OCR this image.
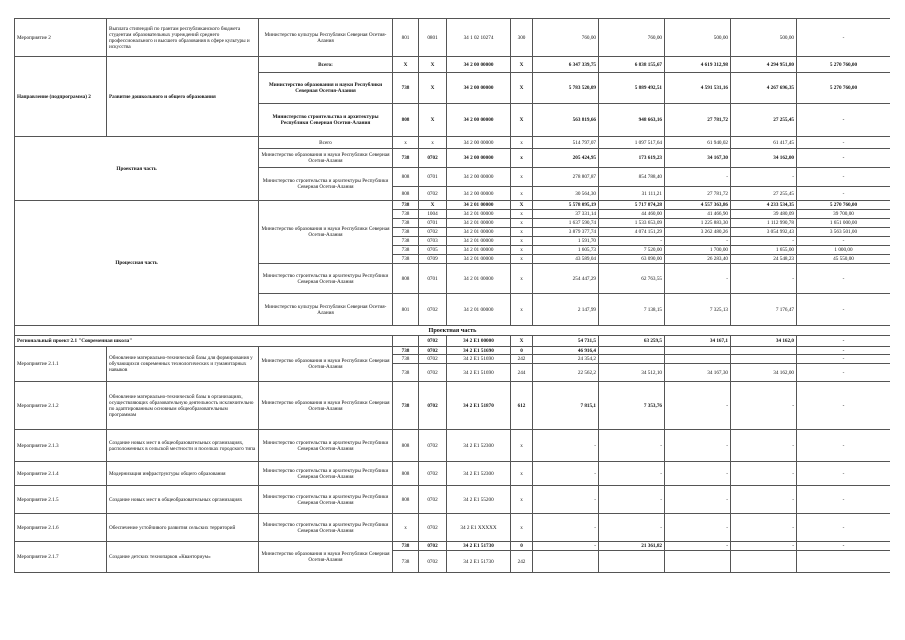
Мероприятие 2	Выплата стипендий по грантам республиканского бюджета студентам образовательных учреждений среднего профессионального и высшего образования в сфере культуры и искусства	Министерство культуры Республики Северная Осетия-Алания	801	0801	34 1 02 10274	300	760,00	760,00	500,00	500,00	-
Направление (подпрограмма) 2	Развитие дошкольного и общего образования	Всего:	X	X	34 2 00 00000	X	6 347 339,75	6 838 155,67	4 619 312,98	4 294 951,80	5 270 760,00
		Министерство образования и науки Республики Северная Осетия-Алания	738	X	34 2 00 00000	X	5 783 520,09	5 889 492,51	4 591 531,16	4 267 696,35	5 270 760,00
		Министерство строительства и архитектуры Республики Северная Осетия-Алания	808	X	34 2 00 00000	X	563 819,66	948 663,16	27 781,72	27 255,45	-
Проектная часть		Всего	x	x	34 2 00 00000	x	514 797,07	1 097 517,64	61 940,02	61 417,45	-
		Министерство образования и науки Республики Северная Осетия-Алания	738	0702	34 2 00 00000	x	205 424,95	173 619,23	34 167,30	34 162,00	-
		Министерство строительства и архитектуры Республики Северная Осетия-Алания	808	0701	34 2 00 00000	x	278 807,87	854 788,40	-	-	-
			808	0702	34 2 00 00000	x	30 564,30	31 111,21	27 781,72	27 255,45	-
Процессная часть		Министерство образования и науки Республики Северная Осетия-Алания	738	X	34 2 01 00000	X	5 578 095,19	5 717 874,28	4 557 363,86	4 233 534,35	5 270 760,00
			738	1004	34 2 01 00000	x	37 331,14	44 460,00	41 466,90	39 480,09	39 700,00
			738	0701	34 2 01 00000	x	1 637 590,74	1 533 653,09	1 225 883,30	1 112 990,78	1 651 000,00
			738	0702	34 2 01 00000	x	3 879 377,74	4 074 151,29	3 262 480,26	3 054 992,43	3 563 501,00
			738	0703	34 2 01 00000	x	1 591,70	-	-	-	-
			738	0705	34 2 01 00000	x	1 605,73	7 520,00	1 700,00	1 655,00	1 000,00
			738	0709	34 2 01 00000	x	43 589,04	63 090,00	26 283,40	24 548,23	45 550,00
		Министерство строительства и архитектуры Республики Северная Осетия-Алания	808	0701	34 2 01 00000	x	254 447,29	62 763,55	-	-	-
		Министерство культуры Республики Северная Осетия-Алания	801	0702	34 2 01 00000	x	2 147,99	7 138,15	7 325,13	7 176,47	-
Проектная часть											
Региональный проект 2.1 "Современная школа"				0702	34 2 E1 00000	X	54 731,5	63 259,5	34 167,1	34 162,0	-
Мероприятие 2.1.1	Обновление материально-технической базы для формирования у обучающихся современных технологических и гуманитарных навыков	Министерство образования и науки Республики Северная Осетия-Алания	738	0702	34 2 E1 51690	0	46 916,4				-
			738	0702	34 2 E1 51690	242	24 354,2				-
			738	0702	34 2 E1 51690	244	22 562,2	34 512,10	34 167,30	34 162,00	-
Мероприятие 2.1.2	Обновление материально-технической базы в организациях, осуществляющих образовательную деятельность исключительно по адаптированным основным общеобразовательным программам	Министерство образования и науки Республики Северная Осетия-Алания	738	0702	34 2 E1 51870	612	7 815,1	7 353,76	-	-	-
Мероприятие 2.1.3	Создание новых мест в общеобразовательных организациях, расположенных в сельской местности и поселках городского типа	Министерство строительства и архитектуры Республики Северная Осетия-Алания	808	0702	34 2 E1 52300	x	-	-	-	-	-
Мероприятие 2.1.4	Модернизация инфраструктуры общего образования	Министерство строительства и архитектуры Республики Северная Осетия-Алания	808	0702	34 2 E1 52300	x	-	-	-	-	-
Мероприятие 2.1.5	Создание новых мест в общеобразовательных организациях	Министерство строительства и архитектуры Республики Северная Осетия-Алания	808	0702	34 2 E1 55200	x	-	-	-	-	-
Мероприятие 2.1.6	Обеспечение устойчивого развития сельских территорий	Министерство строительства и архитектуры Республики Северная Осетия-Алания	x	0702	34 2 E1 XXXXX	x	-	-	-	-	-
Мероприятие 2.1.7	Создание детских технопарков «Кванториум»	Министерство образования и науки Республики Северная Осетия-Алания	738	0702	34 2 E1 51730	0	-	21 361,82	-	-	-
			738	0702	34 2 E1 51730	242					
